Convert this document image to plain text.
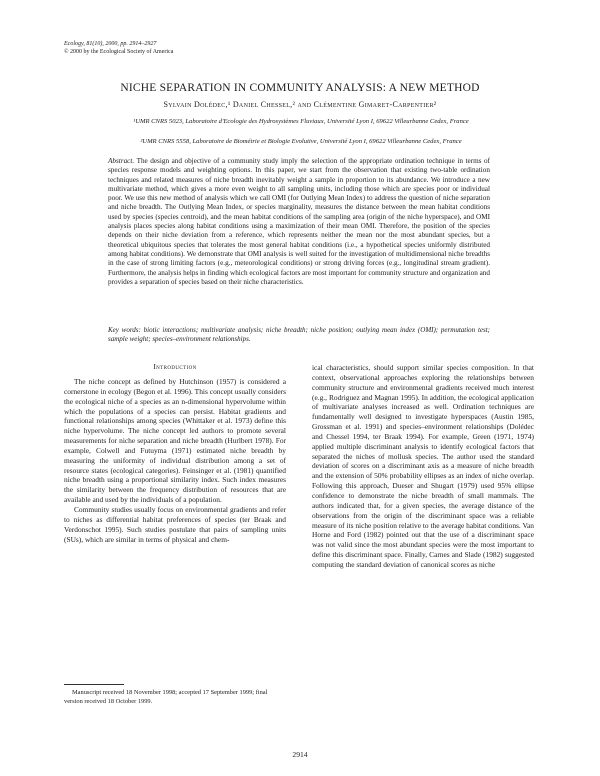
Ecology, 81(10), 2000, pp. 2914–2927
© 2000 by the Ecological Society of America
NICHE SEPARATION IN COMMUNITY ANALYSIS: A NEW METHOD
Sylvain Dolédec,¹ Daniel Chessel,² and Clémentine Gimaret-Carpentier²
¹UMR CNRS 5023, Laboratoire d'Ecologie des Hydrosystèmes Fluviaux, Université Lyon I, 69622 Villeurbanne Cedex, France
²UMR CNRS 5558, Laboratoire de Biométrie et Biologie Evolutive, Université Lyon I, 69622 Villeurbanne Cedex, France
Abstract. The design and objective of a community study imply the selection of the appropriate ordination technique in terms of species response models and weighting options. In this paper, we start from the observation that existing two-table ordination techniques and related measures of niche breadth inevitably weight a sample in proportion to its abundance. We introduce a new multivariate method, which gives a more even weight to all sampling units, including those which are species poor or individual poor. We use this new method of analysis which we call OMI (for Outlying Mean Index) to address the question of niche separation and niche breadth. The Outlying Mean Index, or species marginality, measures the distance between the mean habitat conditions used by species (species centroid), and the mean habitat conditions of the sampling area (origin of the niche hyperspace), and OMI analysis places species along habitat conditions using a maximization of their mean OMI. Therefore, the position of the species depends on their niche deviation from a reference, which represents neither the mean nor the most abundant species, but a theoretical ubiquitous species that tolerates the most general habitat conditions (i.e., a hypothetical species uniformly distributed among habitat conditions). We demonstrate that OMI analysis is well suited for the investigation of multidimensional niche breadths in the case of strong limiting factors (e.g., meteorological conditions) or strong driving forces (e.g., longitudinal stream gradient). Furthermore, the analysis helps in finding which ecological factors are most important for community structure and organization and provides a separation of species based on their niche characteristics.
Key words: biotic interactions; multivariate analysis; niche breadth; niche position; outlying mean index (OMI); permutation test; sample weight; species–environment relationships.
Introduction

The niche concept as defined by Hutchinson (1957) is considered a cornerstone in ecology (Begon et al. 1996). This concept usually considers the ecological niche of a species as an n-dimensional hypervolume within which the populations of a species can persist. Habitat gradients and functional relationships among species (Whittaker et al. 1973) define this niche hypervolume. The niche concept led authors to promote several measurements for niche separation and niche breadth (Hurlbert 1978). For example, Colwell and Futuyma (1971) estimated niche breadth by measuring the uniformity of individual distribution among a set of resource states (ecological categories). Feinsinger et al. (1981) quantified niche breadth using a proportional similarity index. Such index measures the similarity between the frequency distribution of resources that are available and used by the individuals of a population.

Community studies usually focus on environmental gradients and refer to niches as differential habitat preferences of species (ter Braak and Verdonschot 1995). Such studies postulate that pairs of sampling units (SUs), which are similar in terms of physical and chem-

ical characteristics, should support similar species composition. In that context, observational approaches exploring the relationships between community structure and environmental gradients received much interest (e.g., Rodriguez and Magnan 1995). In addition, the ecological application of multivariate analyses increased as well. Ordination techniques are fundamentally well designed to investigate hyperspaces (Austin 1985, Grossman et al. 1991) and species–environment relationships (Dolédec and Chessel 1994, ter Braak 1994). For example, Green (1971, 1974) applied multiple discriminant analysis to identify ecological factors that separated the niches of mollusk species. The author used the standard deviation of scores on a discriminant axis as a measure of niche breadth and the extension of 50% probability ellipses as an index of niche overlap. Following this approach, Dueser and Shugart (1979) used 95% ellipse confidence to demonstrate the niche breadth of small mammals. The authors indicated that, for a given species, the average distance of the observations from the origin of the discriminant space was a reliable measure of its niche position relative to the average habitat conditions. Van Horne and Ford (1982) pointed out that the use of a discriminant space was not valid since the most abundant species were the most important to define this discriminant space. Finally, Carnes and Slade (1982) suggested computing the standard deviation of canonical scores as niche

Manuscript received 18 November 1998; accepted 17 September 1999; final version received 18 October 1999.

2914
